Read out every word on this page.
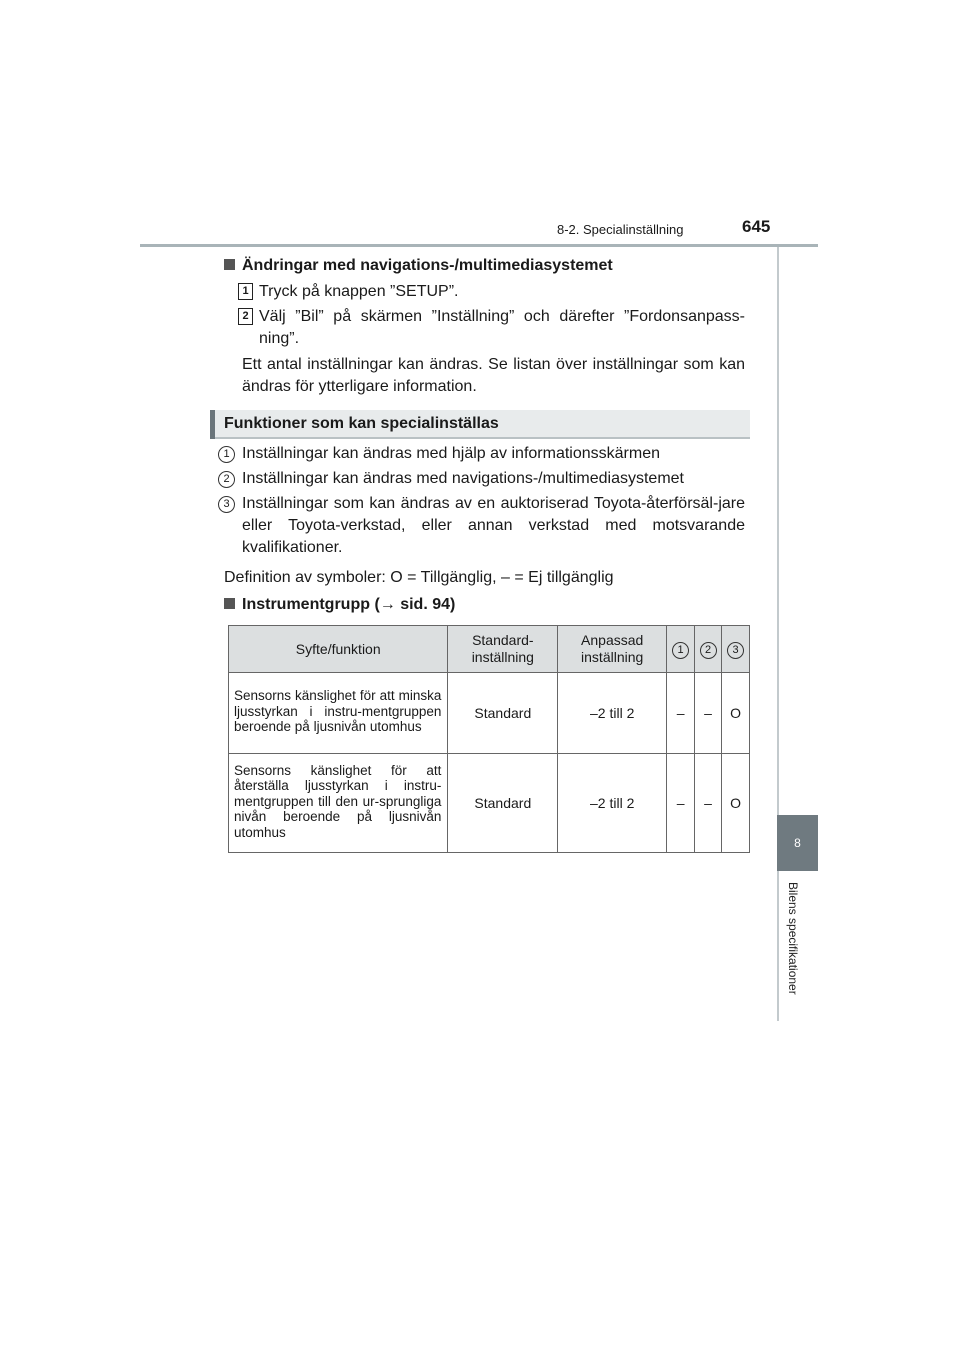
8-2. Specialinställning	645
8
Bilens specifikationer
Ändringar med navigations-/multimediasystemet
1 Tryck på knappen ”SETUP”.
2 Välj ”Bil” på skärmen ”Inställning” och därefter ”Fordonsanpass-ning”.
Ett antal inställningar kan ändras. Se listan över inställningar som kan ändras för ytterligare information.
Funktioner som kan specialinställas
1 Inställningar kan ändras med hjälp av informationsskärmen
2 Inställningar kan ändras med navigations-/multimediasystemet
3 Inställningar som kan ändras av en auktoriserad Toyota-återförsäl-jare eller Toyota-verkstad, eller annan verkstad med motsvarande kvalifikationer.
Definition av symboler: O = Tillgänglig, – = Ej tillgänglig
Instrumentgrupp (→ sid. 94)
Syfte/funktion	Standard-inställning	Anpassad inställning	1	2	3
Sensorns känslighet för att minska ljusstyrkan i instru-mentgruppen beroende på ljusnivån utomhus	Standard	–2 till 2	–	–	O
Sensorns känslighet för att återställa ljusstyrkan i instru-mentgruppen till den ur-sprungliga nivån beroende på ljusnivån utomhus	Standard	–2 till 2	–	–	O
